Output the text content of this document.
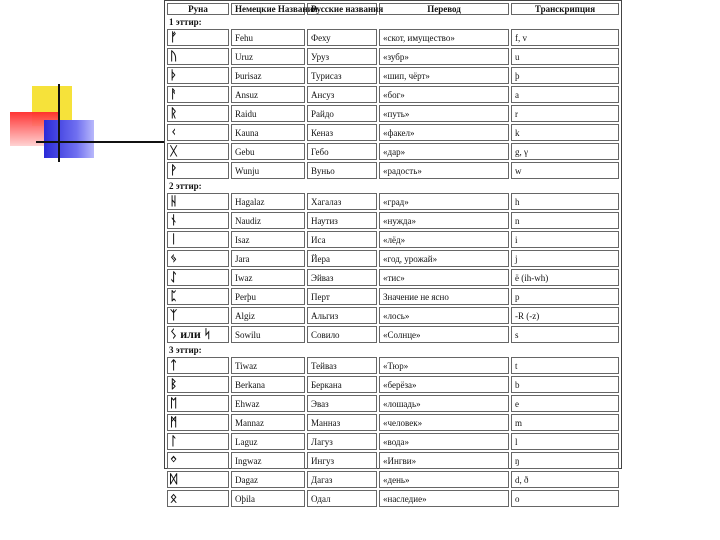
Руна	Немецкие Названия	Русские названия	Перевод	Транскрипция
1 эттир:				
ᚠ	Fehu	Феху	«скот, имущество»	f, v
ᚢ	Uruz	Уруз	«зубр»	u
ᚦ	Þurisaz	Турисаз	«шип, чёрт»	þ
ᚨ	Ansuz	Ансуз	«бог»	a
ᚱ	Raidu	Райдо	«путь»	r
ᚲ	Kauna	Кеназ	«факел»	k
ᚷ	Gebu	Гебо	«дар»	g, γ
ᚹ	Wunju	Вуньо	«радость»	w
2 эттир:				
ᚺ	Hagalaz	Хагалаз	«град»	h
ᚾ	Naudiz	Наутиз	«нужда»	n
ᛁ	Isaz	Иса	«лёд»	i
ᛃ	Jara	Йера	«год, урожай»	j
ᛇ	Iwaz	Эйваз	«тис»	ë (ih-wh)
ᛈ	Perþu	Перт	Значение не ясно	p
ᛉ	Algiz	Альгиз	«лось»	-R (-z)
ᛊ или ᛋ	Sowilu	Совило	«Солнце»	s
3 эттир:				
ᛏ	Tiwaz	Тейваз	«Тюр»	t
ᛒ	Berkana	Беркана	«берёза»	b
ᛖ	Ehwaz	Эваз	«лошадь»	e
ᛗ	Mannaz	Манназ	«человек»	m
ᛚ	Laguz	Лагуз	«вода»	l
ᛜ	Ingwaz	Ингуз	«Ингви»	ŋ
ᛞ	Dagaz	Дагаз	«день»	d, ð
ᛟ	Oþila	Одал	«наследие»	o
